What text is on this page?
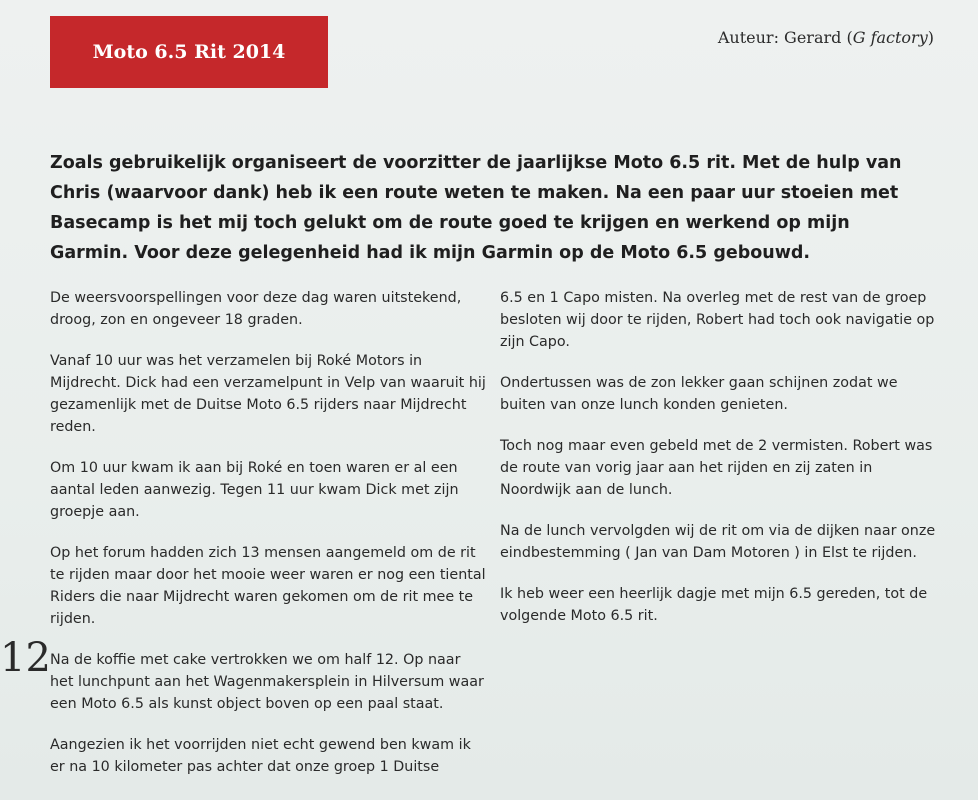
Moto 6.5 Rit 2014
Auteur: Gerard (G factory)

Zoals gebruikelijk organiseert de voorzitter de jaarlijkse Moto 6.5 rit. Met de hulp van Chris (waarvoor dank) heb ik een route weten te maken. Na een paar uur stoeien met Basecamp is het mij toch gelukt om de route goed te krijgen en werkend op mijn Garmin. Voor deze gelegenheid had ik mijn Garmin op de Moto 6.5 gebouwd.

De weersvoorspellingen voor deze dag waren uitstekend, droog, zon en ongeveer 18 graden.

Vanaf 10 uur was het verzamelen bij Roké Motors in Mijdrecht. Dick had een verzamelpunt in Velp van waaruit hij gezamenlijk met de Duitse Moto 6.5 rijders naar Mijdrecht reden.

Om 10 uur kwam ik aan bij Roké en toen waren er al een aantal leden aanwezig. Tegen 11 uur kwam Dick met zijn groepje aan.

Op het forum hadden zich 13 mensen aangemeld om de rit te rijden maar door het mooie weer waren er nog een tiental Riders die naar Mijdrecht waren gekomen om de rit mee te rijden.

Na de koffie met cake vertrokken we om half 12. Op naar het lunchpunt aan het Wagenmakersplein in Hilversum waar een Moto 6.5 als kunst object boven op een paal staat.

Aangezien ik het voorrijden niet echt gewend ben kwam ik er na 10 kilometer pas achter dat onze groep 1 Duitse

6.5 en 1 Capo misten. Na overleg met de rest van de groep besloten wij door te rijden, Robert had toch ook navigatie op zijn Capo.

Ondertussen was de zon lekker gaan schijnen zodat we buiten van onze lunch konden genieten.

Toch nog maar even gebeld met de 2 vermisten. Robert was de route van vorig jaar aan het rijden en zij zaten in Noordwijk aan de lunch.

Na de lunch vervolgden wij de rit om via de dijken naar onze eindbestemming ( Jan van Dam Motoren ) in Elst te rijden.

Ik heb weer een heerlijk dagje met mijn 6.5 gereden, tot de volgende Moto 6.5 rit.

12
